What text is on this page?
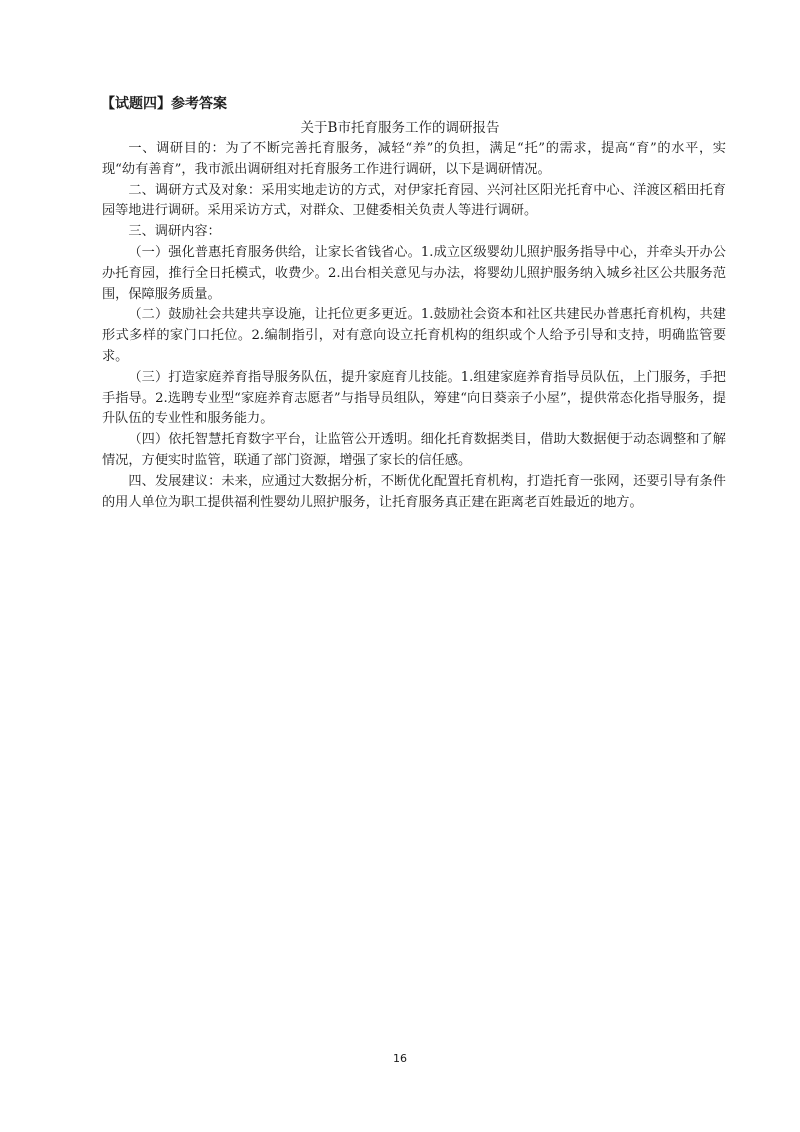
【试题四】参考答案
关于B市托育服务工作的调研报告

一、调研目的：为了不断完善托育服务，减轻“养”的负担，满足“托”的需求，提高“育”的水平，实现“幼有善育”，我市派出调研组对托育服务工作进行调研，以下是调研情况。

二、调研方式及对象：采用实地走访的方式，对伊家托育园、兴河社区阳光托育中心、洋渡区稻田托育园等地进行调研。采用采访方式，对群众、卫健委相关负责人等进行调研。

三、调研内容：

（一）强化普惠托育服务供给，让家长省钱省心。1.成立区级婴幼儿照护服务指导中心，并牵头开办公办托育园，推行全日托模式，收费少。2.出台相关意见与办法，将婴幼儿照护服务纳入城乡社区公共服务范围，保障服务质量。

（二）鼓励社会共建共享设施，让托位更多更近。1.鼓励社会资本和社区共建民办普惠托育机构，共建形式多样的家门口托位。2.编制指引，对有意向设立托育机构的组织或个人给予引导和支持，明确监管要求。

（三）打造家庭养育指导服务队伍，提升家庭育儿技能。1.组建家庭养育指导员队伍，上门服务，手把手指导。2.选聘专业型“家庭养育志愿者”与指导员组队，筹建“向日葵亲子小屋”，提供常态化指导服务，提升队伍的专业性和服务能力。

（四）依托智慧托育数字平台，让监管公开透明。细化托育数据类目，借助大数据便于动态调整和了解情况，方便实时监管，联通了部门资源，增强了家长的信任感。

四、发展建议：未来，应通过大数据分析，不断优化配置托育机构，打造托育一张网，还要引导有条件的用人单位为职工提供福利性婴幼儿照护服务，让托育服务真正建在距离老百姓最近的地方。

16
